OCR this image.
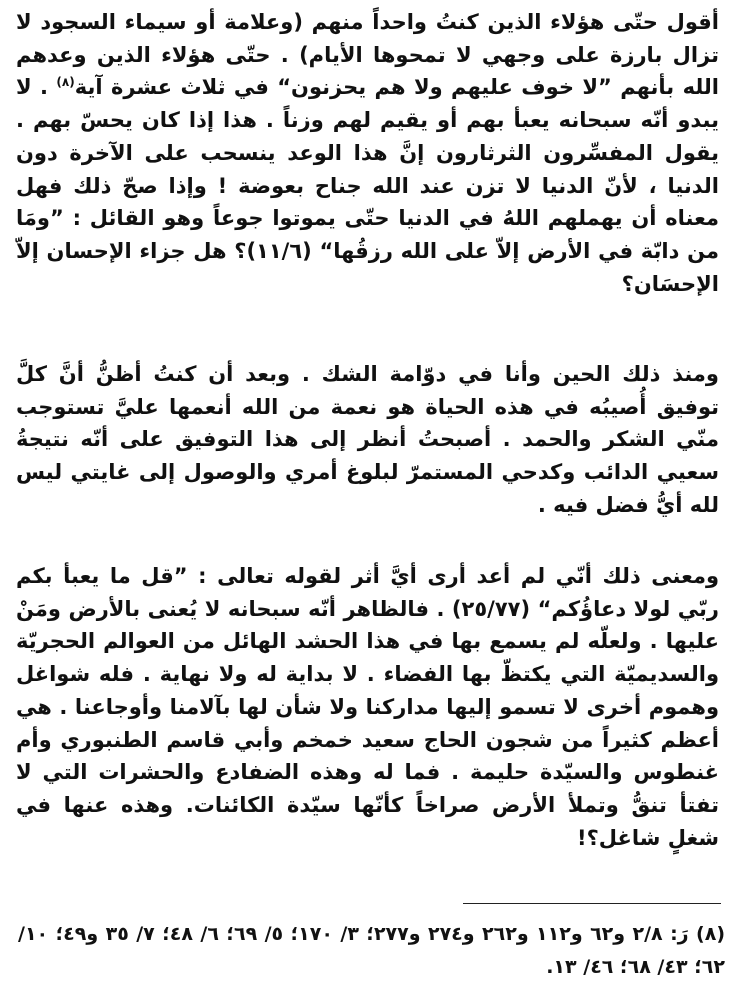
أقول حتّى هؤلاء الذين كنتُ واحداً منهم (وعلامة أو سيماء السجود لا تزال بارزة على وجهي لا تمحوها الأيام) . حتّى هؤلاء الذين وعدهم الله بأنهم ”لا خوف عليهم ولا هم يحزنون“ في ثلاث عشرة آية$^{(٨)}$ . لا يبدو أنّه سبحانه يعبأ بهم أو يقيم لهم وزناً . هذا إذا كان يحسّ بهم . يقول المفسِّرون الثرثارون إنَّ هذا الوعد ينسحب على الآخرة دون الدنيا ، لأنّ الدنيا لا تزن عند الله جناح بعوضة ! وإذا صحّ ذلك فهل معناه أن يهملهم اللهُ في الدنيا حتّى يموتوا جوعاً وهو القائل : ”ومَا من دابّة في الأرض إلاّ على الله رزقُها“ (١١/٦)؟ هل جزاء الإحسان إلاّ الإحسَان؟

ومنذ ذلك الحين وأنا في دوّامة الشك . وبعد أن كنتُ أظنُّ أنَّ كلَّ توفيق أُصيبُه في هذه الحياة هو نعمة من الله أنعمها عليَّ تستوجب منّي الشكر والحمد . أصبحتُ أنظر إلى هذا التوفيق على أنّه نتيجةُ سعيي الدائب وكدحي المستمرّ لبلوغ أمري والوصول إلى غايتي ليس لله أيُّ فضل فيه .

ومعنى ذلك أنّي لم أعد أرى أيَّ أثر لقوله تعالى : ”قل ما يعبأ بكم ربّي لولا دعاؤُكم“ (٢٥/٧٧) . فالظاهر أنّه سبحانه لا يُعنى بالأرض ومَنْ عليها . ولعلّه لم يسمع بها في هذا الحشد الهائل من العوالم الحجريّة والسديميّة التي يكتظّ بها الفضاء . لا بداية له ولا نهاية . فله شواغل وهموم أخرى لا تسمو إليها مداركنا ولا شأن لها بآلامنا وأوجاعنا . هي أعظم كثيراً من شجون الحاج سعيد خمخم وأبي قاسم الطنبوري وأم غنطوس والسيّدة حليمة . فما له وهذه الضفادع والحشرات التي لا تفتأ تنقُّ وتملأ الأرض صراخاً كأنّها سيّدة الكائنات. وهذه عنها في شغلٍ شاغل؟!

(٨) رَ: ٢/٨ و٦٢ و١١٢ و٢٦٢ و٢٧٤ و٢٧٧؛ ٣/ ١٧٠؛ ٥/ ٦٩؛ ٦/ ٤٨؛ ٧/ ٣٥ و٤٩؛ ١٠/ ٦٢؛ ٤٣/ ٦٨؛ ٤٦/ ١٣.
